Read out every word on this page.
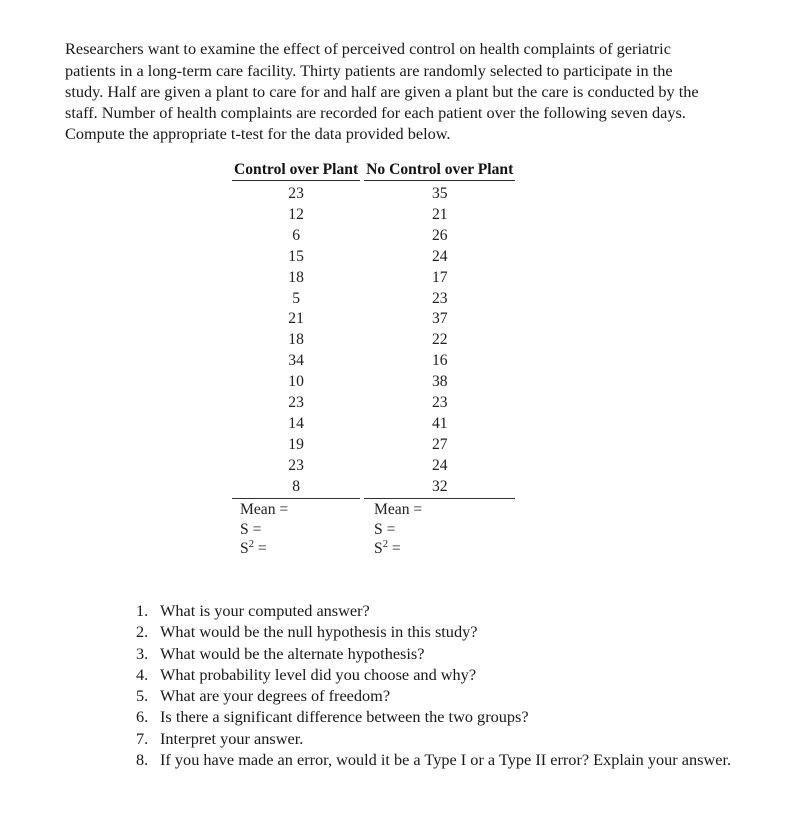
Researchers want to examine the effect of perceived control on health complaints of geriatric patients in a long-term care facility. Thirty patients are randomly selected to participate in the study. Half are given a plant to care for and half are given a plant but the care is conducted by the staff. Number of health complaints are recorded for each patient over the following seven days. Compute the appropriate t-test for the data provided below.

Control over Plant		No Control over Plant
23		35
12		21
6		26
15		24
18		17
5		23
21		37
18		22
34		16
10		38
23		23
14		41
19		27
23		24
8		32
Mean =	Mean =
S =	S =
$S^2$ =	$S^2$ =
1. What is your computed answer?
2. What would be the null hypothesis in this study?
3. What would be the alternate hypothesis?
4. What probability level did you choose and why?
5. What are your degrees of freedom?
6. Is there a significant difference between the two groups?
7. Interpret your answer.
8. If you have made an error, would it be a Type I or a Type II error? Explain your answer.
